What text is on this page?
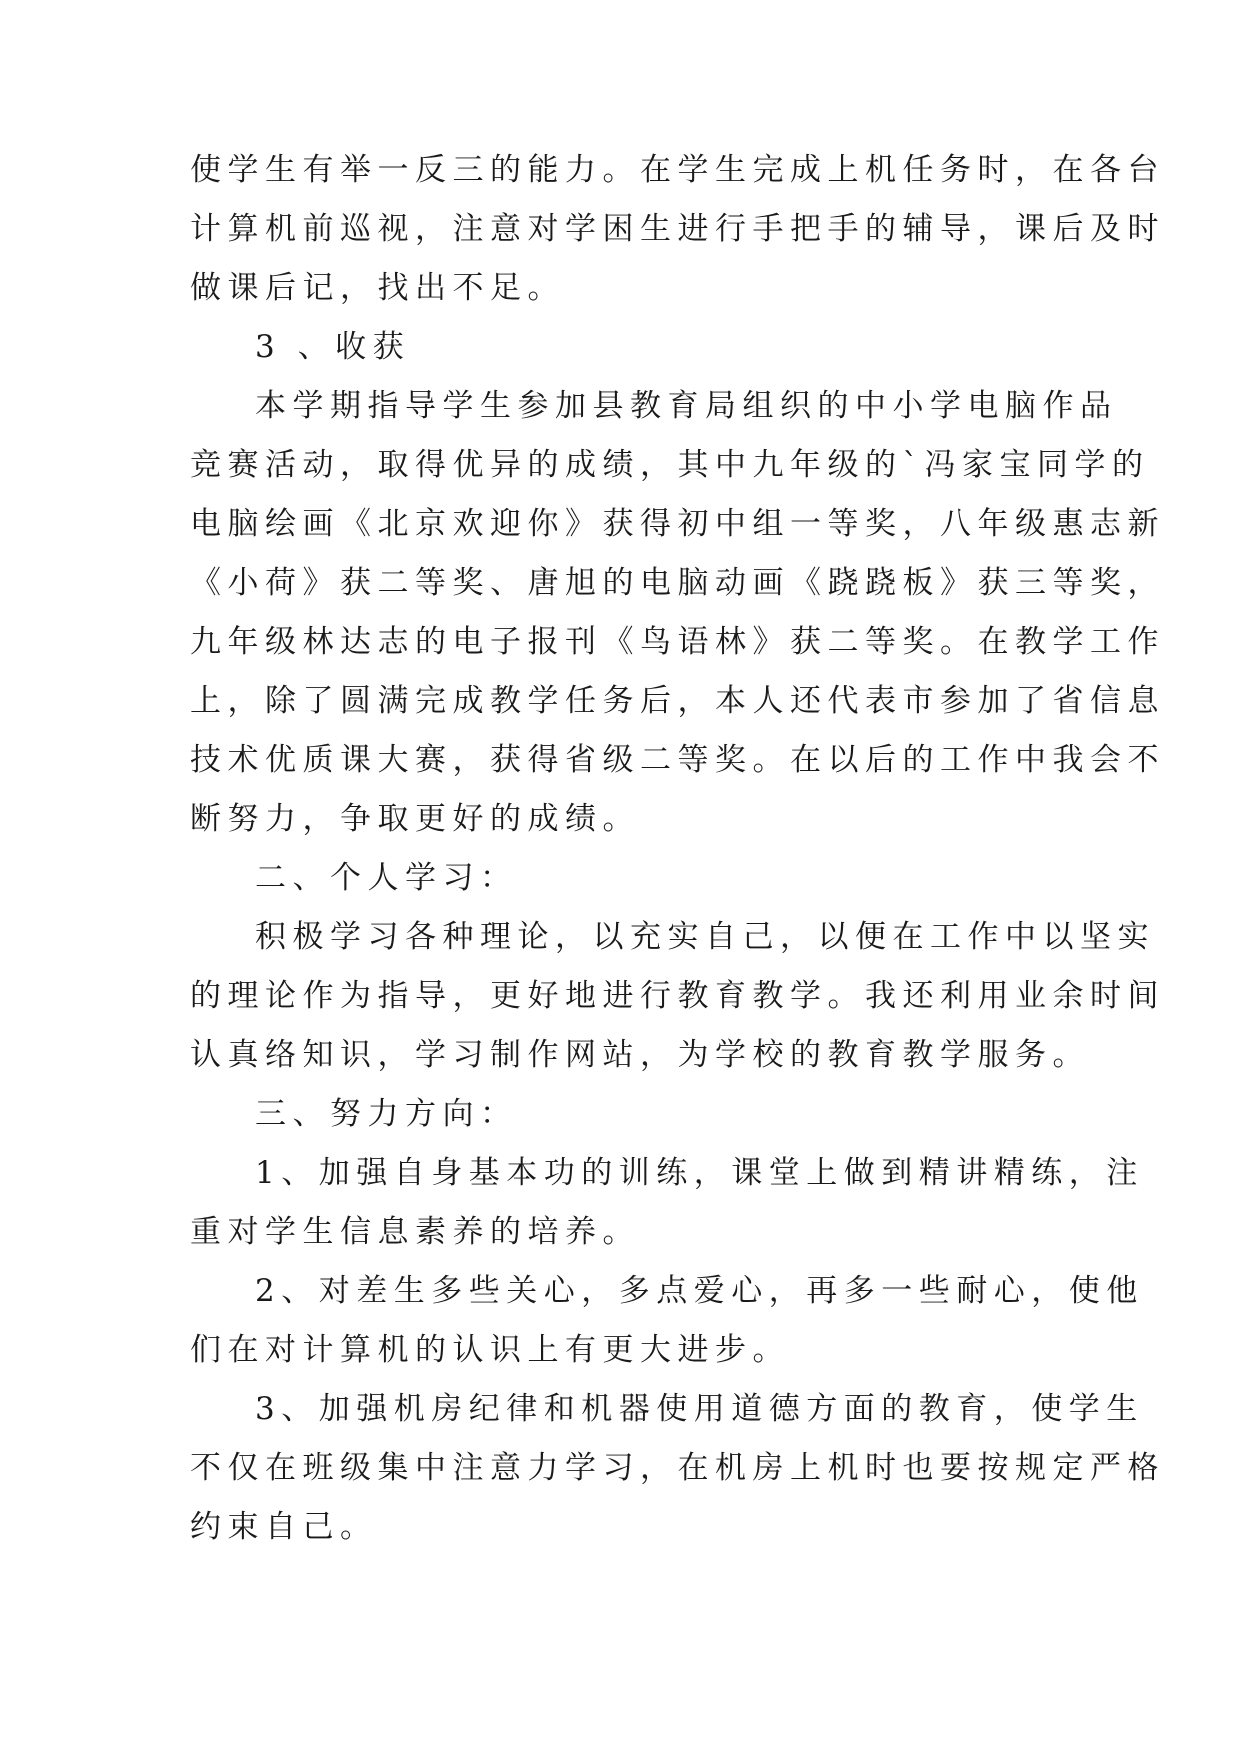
使学生有举一反三的能力。在学生完成上机任务时，在各台
计算机前巡视，注意对学困生进行手把手的辅导，课后及时
做课后记，找出不足。
3 、收获
本学期指导学生参加县教育局组织的中小学电脑作品
竞赛活动，取得优异的成绩，其中九年级的`冯家宝同学的
电脑绘画《北京欢迎你》获得初中组一等奖，八年级惠志新
《小荷》获二等奖、唐旭的电脑动画《跷跷板》获三等奖，
九年级林达志的电子报刊《鸟语林》获二等奖。在教学工作
上，除了圆满完成教学任务后，本人还代表市参加了省信息
技术优质课大赛，获得省级二等奖。在以后的工作中我会不
断努力，争取更好的成绩。
二、个人学习：
积极学习各种理论，以充实自己，以便在工作中以坚实
的理论作为指导，更好地进行教育教学。我还利用业余时间
认真络知识，学习制作网站，为学校的教育教学服务。
三、努力方向：
1、加强自身基本功的训练，课堂上做到精讲精练，注
重对学生信息素养的培养。
2、对差生多些关心，多点爱心，再多一些耐心，使他
们在对计算机的认识上有更大进步。
3、加强机房纪律和机器使用道德方面的教育，使学生
不仅在班级集中注意力学习，在机房上机时也要按规定严格
约束自己。
